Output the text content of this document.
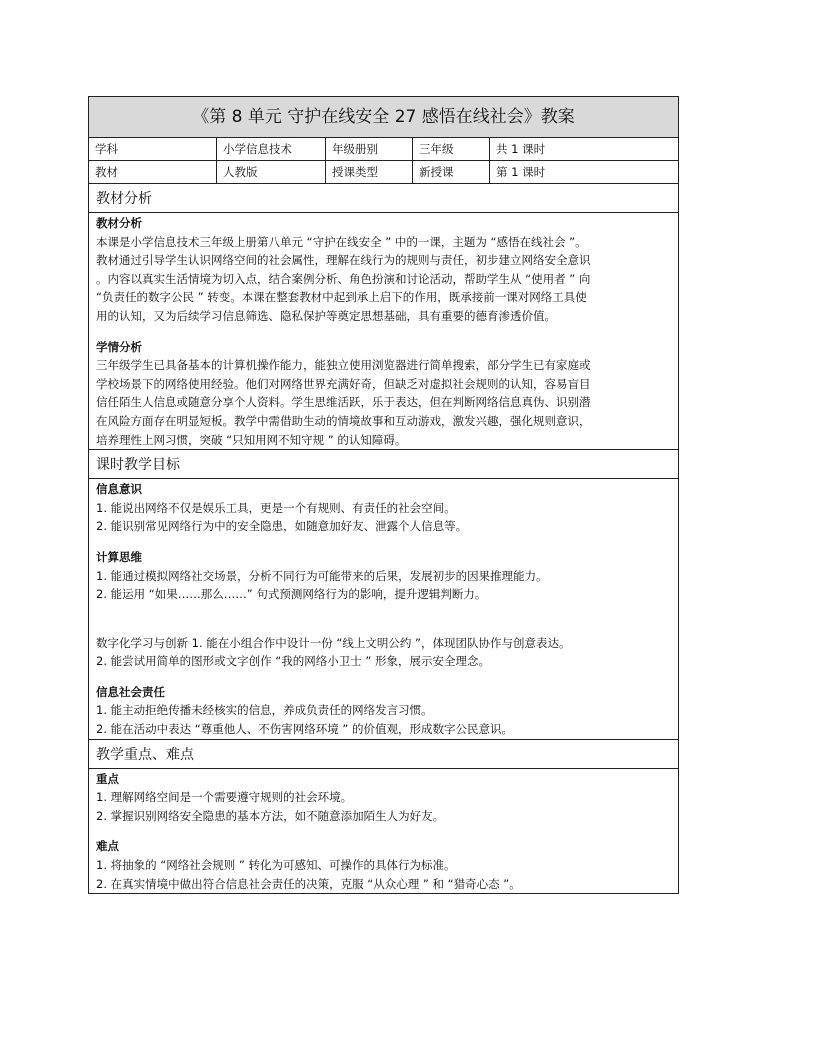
《第 8 单元 守护在线安全 27 感悟在线社会》教案
学科	小学信息技术	年级册别	三年级	共 1 课时
教材	人教版	授课类型	新授课	第 1 课时
教材分析
教材分析
本课是小学信息技术三年级上册第八单元 “守护在线安全 ” 中的一课，主题为 “感悟在线社会 ”。
教材通过引导学生认识网络空间的社会属性，理解在线行为的规则与责任，初步建立网络安全意识
。内容以真实生活情境为切入点，结合案例分析、角色扮演和讨论活动，帮助学生从 “使用者 ” 向
“负责任的数字公民 ” 转变。本课在整套教材中起到承上启下的作用，既承接前一课对网络工具使
用的认知，又为后续学习信息筛选、隐私保护等奠定思想基础，具有重要的德育渗透价值。
学情分析
三年级学生已具备基本的计算机操作能力，能独立使用浏览器进行简单搜索，部分学生已有家庭或
学校场景下的网络使用经验。他们对网络世界充满好奇，但缺乏对虚拟社会规则的认知，容易盲目
信任陌生人信息或随意分享个人资料。学生思维活跃，乐于表达，但在判断网络信息真伪、识别潜
在风险方面存在明显短板。教学中需借助生动的情境故事和互动游戏，激发兴趣，强化规则意识，
培养理性上网习惯，突破 “只知用网不知守规 ” 的认知障碍。
课时教学目标
信息意识
1. 能说出网络不仅是娱乐工具，更是一个有规则、有责任的社会空间。
2. 能识别常见网络行为中的安全隐患，如随意加好友、泄露个人信息等。
计算思维
1. 能通过模拟网络社交场景，分析不同行为可能带来的后果，发展初步的因果推理能力。
2. 能运用 “如果……那么……” 句式预测网络行为的影响，提升逻辑判断力。
数字化学习与创新 1. 能在小组合作中设计一份 “线上文明公约 ”，体现团队协作与创意表达。
2. 能尝试用简单的图形或文字创作 “我的网络小卫士 ” 形象，展示安全理念。
信息社会责任
1. 能主动拒绝传播未经核实的信息，养成负责任的网络发言习惯。
2. 能在活动中表达 “尊重他人、不伤害网络环境 ” 的价值观，形成数字公民意识。
教学重点、难点
重点
1. 理解网络空间是一个需要遵守规则的社会环境。
2. 掌握识别网络安全隐患的基本方法，如不随意添加陌生人为好友。
难点
1. 将抽象的 “网络社会规则 ” 转化为可感知、可操作的具体行为标准。
2. 在真实情境中做出符合信息社会责任的决策，克服 “从众心理 ” 和 “猎奇心态 ”。
